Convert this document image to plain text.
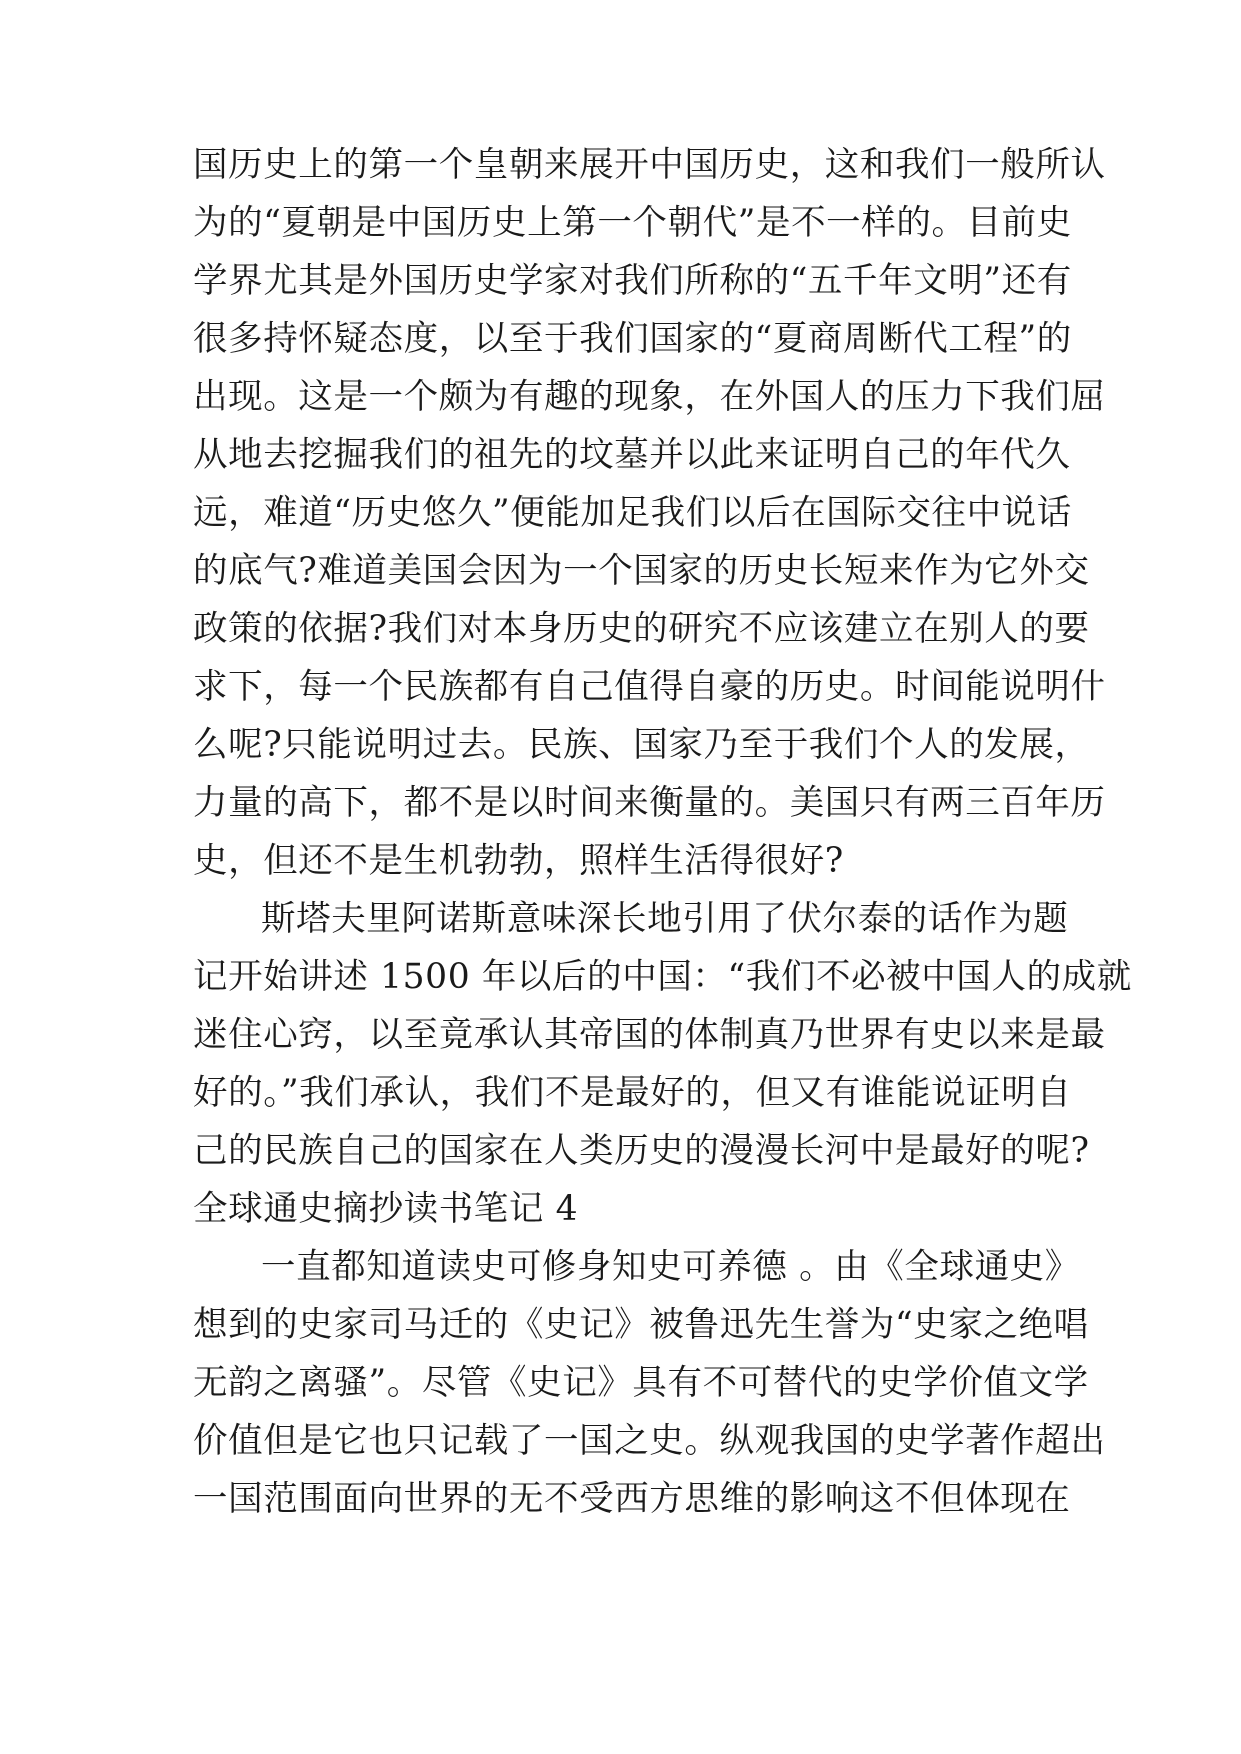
国历史上的第一个皇朝来展开中国历史，这和我们一般所认
为的“夏朝是中国历史上第一个朝代”是不一样的。目前史
学界尤其是外国历史学家对我们所称的“五千年文明”还有
很多持怀疑态度，以至于我们国家的“夏商周断代工程”的
出现。这是一个颇为有趣的现象，在外国人的压力下我们屈
从地去挖掘我们的祖先的坟墓并以此来证明自己的年代久
远，难道“历史悠久”便能加足我们以后在国际交往中说话
的底气?难道美国会因为一个国家的历史长短来作为它外交
政策的依据?我们对本身历史的研究不应该建立在别人的要
求下，每一个民族都有自己值得自豪的历史。时间能说明什
么呢?只能说明过去。民族、国家乃至于我们个人的发展，
力量的高下，都不是以时间来衡量的。美国只有两三百年历
史，但还不是生机勃勃，照样生活得很好?
斯塔夫里阿诺斯意味深长地引用了伏尔泰的话作为题
记开始讲述 1500 年以后的中国：“我们不必被中国人的成就
迷住心窍，以至竟承认其帝国的体制真乃世界有史以来是最
好的。”我们承认，我们不是最好的，但又有谁能说证明自
己的民族自己的国家在人类历史的漫漫长河中是最好的呢?
全球通史摘抄读书笔记 4
一直都知道读史可修身知史可养德 。由《全球通史》
想到的史家司马迁的《史记》被鲁迅先生誉为“史家之绝唱
无韵之离骚”。尽管《史记》具有不可替代的史学价值文学
价值但是它也只记载了一国之史。纵观我国的史学著作超出
一国范围面向世界的无不受西方思维的影响这不但体现在
